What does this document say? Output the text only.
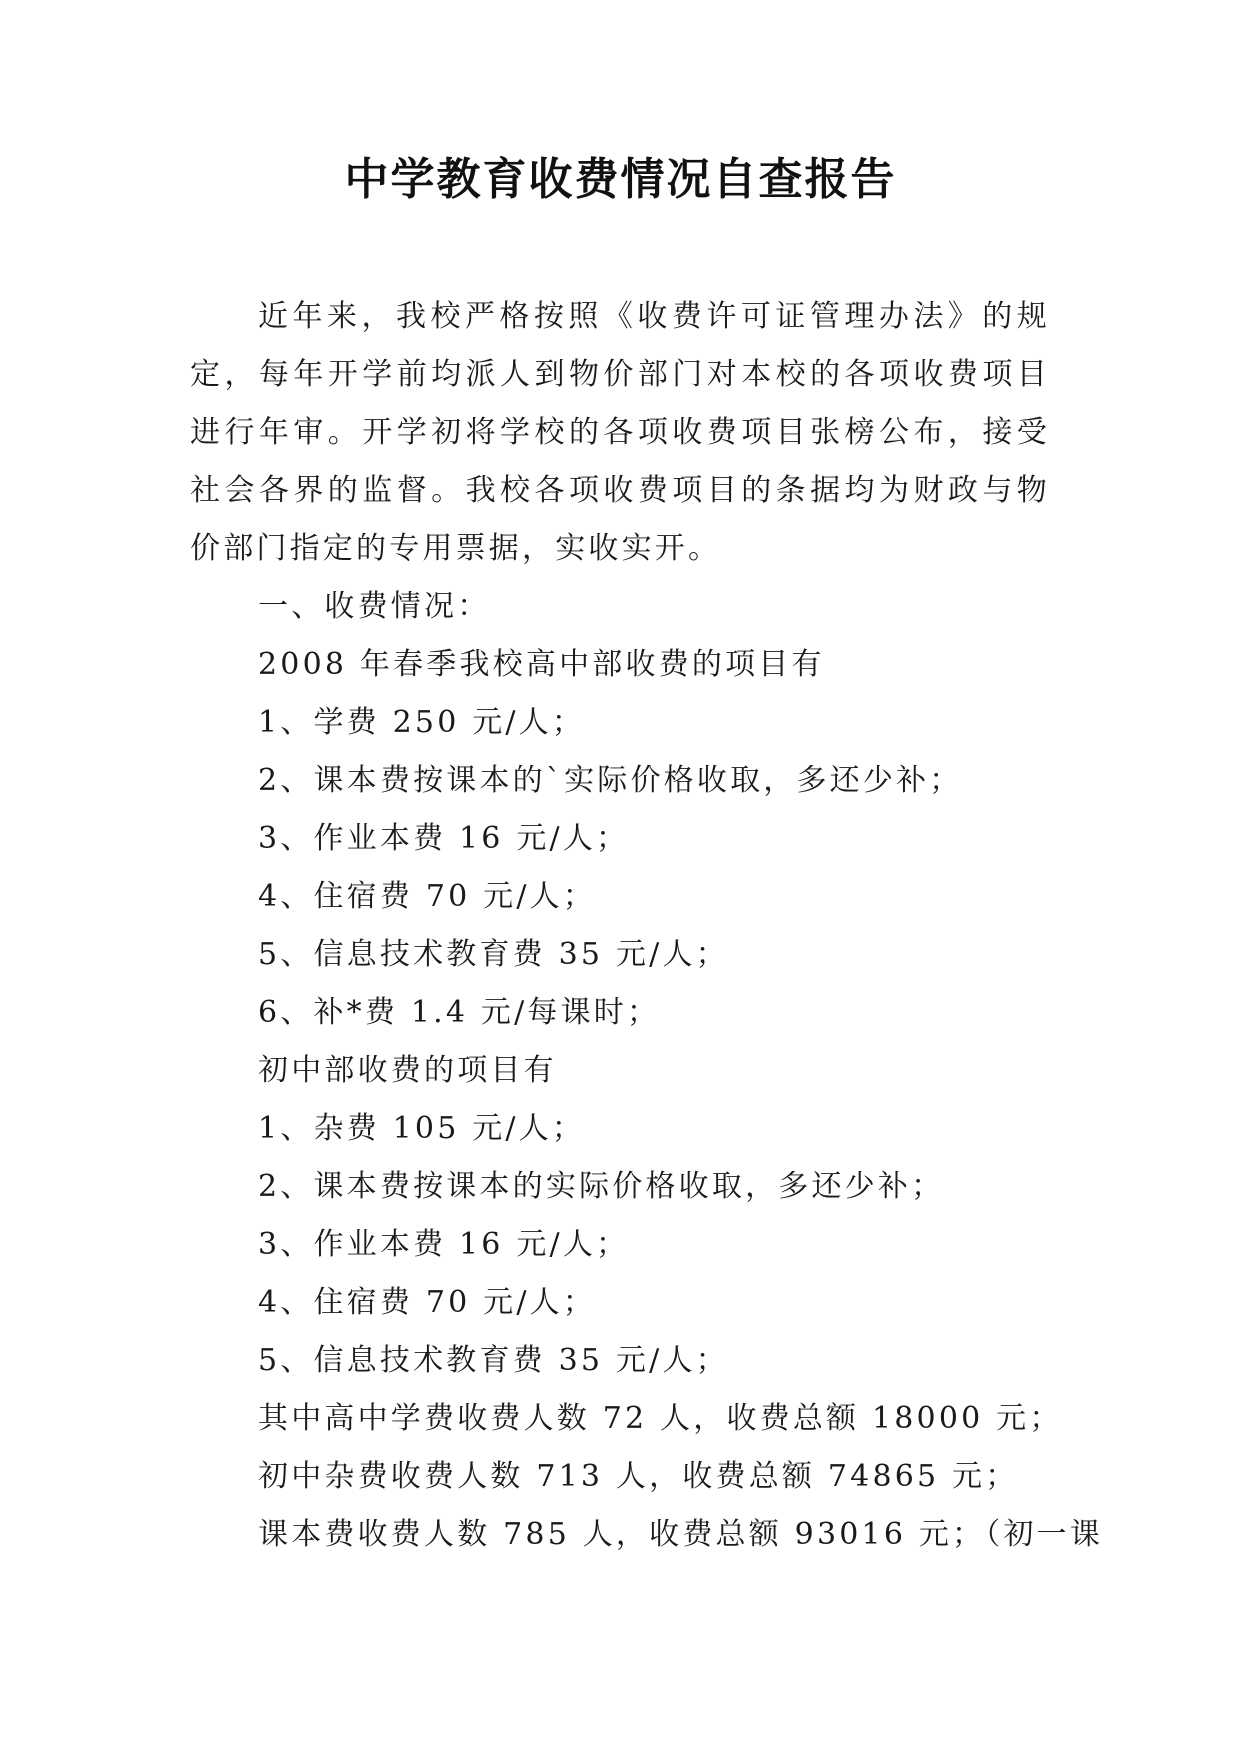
中学教育收费情况自查报告

近年来，我校严格按照《收费许可证管理办法》的规定，每年开学前均派人到物价部门对本校的各项收费项目进行年审。开学初将学校的各项收费项目张榜公布，接受社会各界的监督。我校各项收费项目的条据均为财政与物价部门指定的专用票据，实收实开。

一、收费情况：

2008 年春季我校高中部收费的项目有

1、学费 250 元/人；

2、课本费按课本的`实际价格收取，多还少补；

3、作业本费 16 元/人；

4、住宿费 70 元/人；

5、信息技术教育费 35 元/人；

6、补*费 1.4 元/每课时；

初中部收费的项目有

1、杂费 105 元/人；

2、课本费按课本的实际价格收取，多还少补；

3、作业本费 16 元/人；

4、住宿费 70 元/人；

5、信息技术教育费 35 元/人；

其中高中学费收费人数 72 人，收费总额 18000 元；

初中杂费收费人数 713 人，收费总额 74865 元；

课本费收费人数 785 人，收费总额 93016 元；（初一课
